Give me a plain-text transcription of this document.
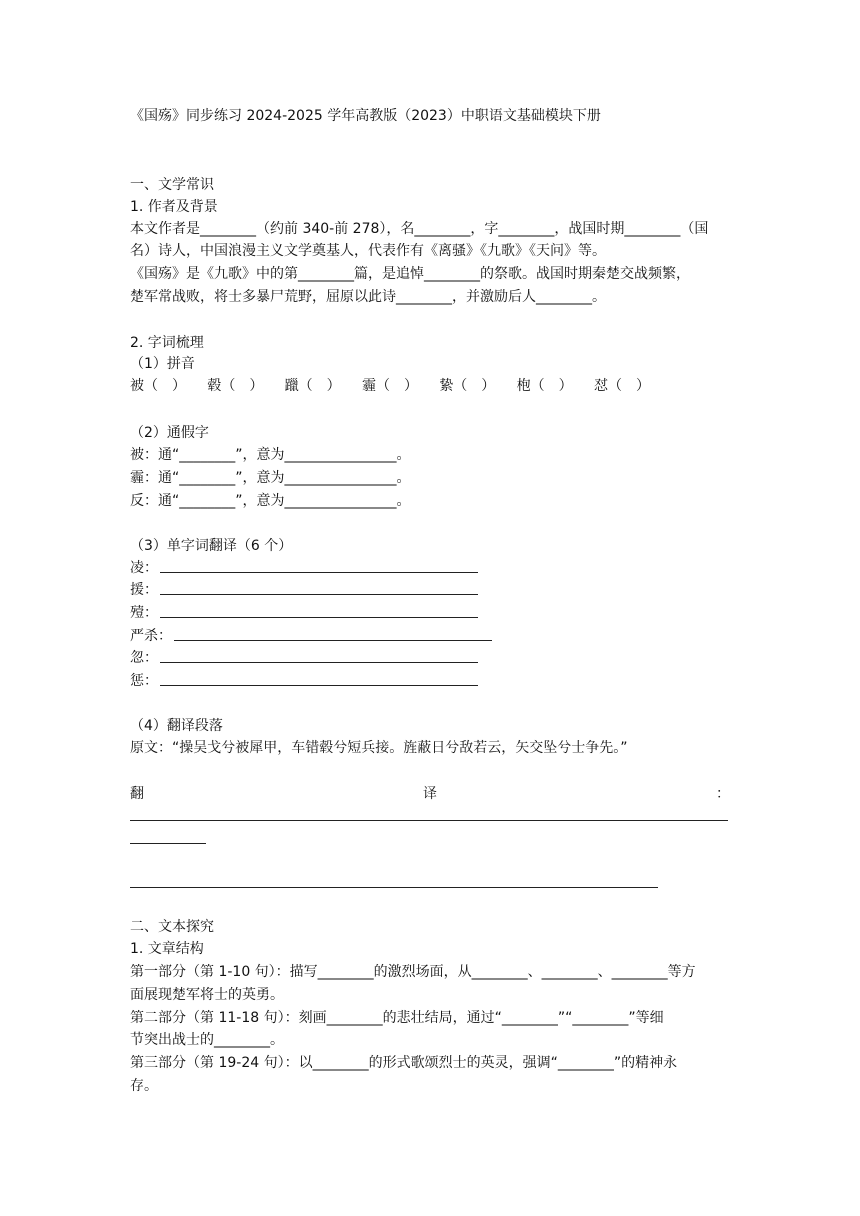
《国殇》同步练习 2024-2025 学年高教版（2023）中职语文基础模块下册
一、文学常识
1. 作者及背景
本文作者是________（约前 340-前 278），名________，字________，战国时期________（国
名）诗人，中国浪漫主义文学奠基人，代表作有《离骚》《九歌》《天问》等。
《国殇》是《九歌》中的第________篇，是追悼________的祭歌。战国时期秦楚交战频繁，
楚军常战败，将士多暴尸荒野，屈原以此诗________，并激励后人________。
2. 字词梳理
（1）拼音
被（　） 毂（　） 躐（　） 霾（　） 絷（　） 枹（　） 怼（　）
（2）通假字
被：通“________”，意为________________。
霾：通“________”，意为________________。
反：通“________”，意为________________。
（3）单字词翻译（6 个）
凌：
援：
殪：
严杀：
忽：
惩：
（4）翻译段落
原文：“操吴戈兮被犀甲，车错毂兮短兵接。旌蔽日兮敌若云，矢交坠兮士争先。”
翻	译	：
二、文本探究
1. 文章结构
第一部分（第 1-10 句）：描写________的激烈场面，从________、________、________等方
面展现楚军将士的英勇。
第二部分（第 11-18 句）：刻画________的悲壮结局，通过“________”“________”等细
节突出战士的________。
第三部分（第 19-24 句）：以________的形式歌颂烈士的英灵，强调“________”的精神永
存。
